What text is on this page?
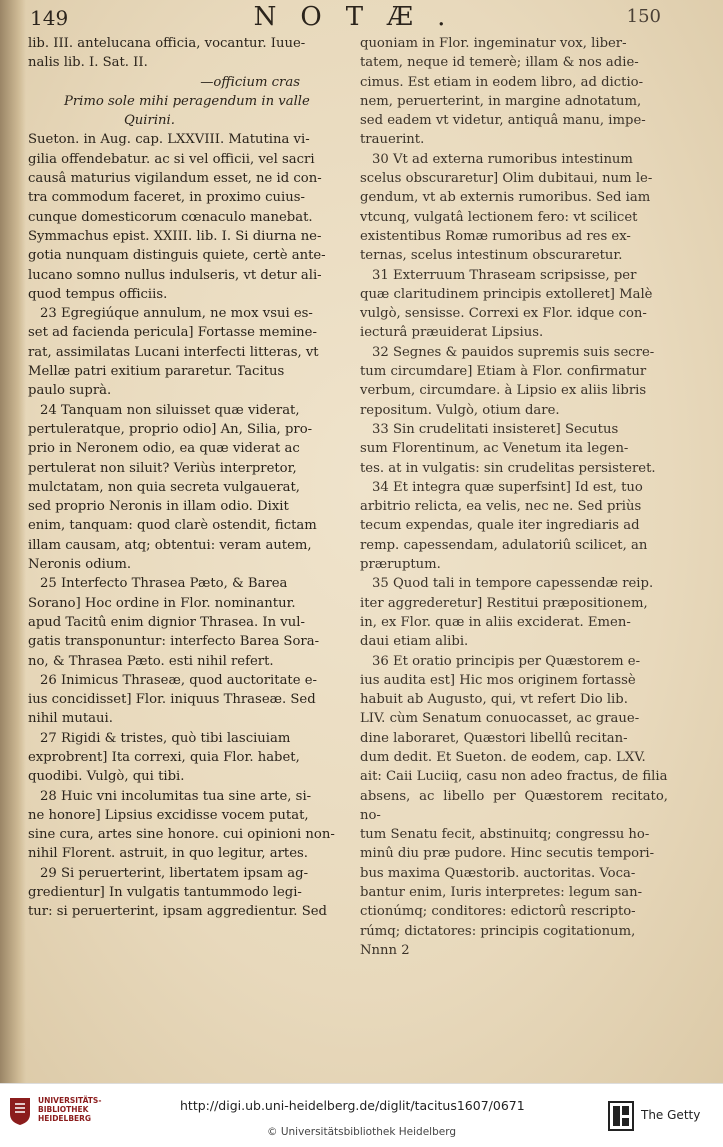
149	NOTÆ.	150

lib. III. antelucana officia, vocantur. Iuue-

nalis lib. I. Sat. II.

—officium cras

Primo sole mihi peragendum in valle

Quirini.

Sueton. in Aug. cap. LXXVIII. Matutina vi-

gilia offendebatur. ac si vel officii, vel sacri

causâ maturius vigilandum esset, ne id con-

tra commodum faceret, in proximo cuius-

cunque domesticorum cœnaculo manebat.

Symmachus epist. XXIII. lib. I. Si diurna ne-

gotia nunquam distinguis quiete, certè ante-

lucano somno nullus indulseris, vt detur ali-

quod tempus officiis.

23 Egregiúque annulum, ne mox vsui es-

set ad facienda pericula] Fortasse memine-

rat, assimilatas Lucani interfecti litteras, vt

Mellæ patri exitium pararetur. Tacitus

paulo suprà.

24 Tanquam non siluisset quæ viderat,

pertuleratque, proprio odio] An, Silia, pro-

prio in Neronem odio, ea quæ viderat ac

pertulerat non siluit? Veriùs interpretor,

mulctatam, non quia secreta vulgauerat,

sed proprio Neronis in illam odio. Dixit

enim, tanquam: quod clarè ostendit, fictam

illam causam, atq; obtentui: veram autem,

Neronis odium.

25 Interfecto Thrasea Pæto, & Barea

Sorano] Hoc ordine in Flor. nominantur.

apud Tacitû enim dignior Thrasea. In vul-

gatis transponuntur: interfecto Barea Sora-

no, & Thrasea Pæto. esti nihil refert.

26 Inimicus Thraseæ, quod auctoritate e-

ius concidisset] Flor. iniquus Thraseæ. Sed

nihil mutaui.

27 Rigidi & tristes, quò tibi lasciuiam

exprobrent] Ita correxi, quia Flor. habet,

quodibi. Vulgò, qui tibi.

28 Huic vni incolumitas tua sine arte, si-

ne honore] Lipsius excidisse vocem putat,

sine cura, artes sine honore. cui opinioni non-

nihil Florent. astruit, in quo legitur, artes.

29 Si peruerterint, libertatem ipsam ag-

gredientur] In vulgatis tantummodo legi-

tur: si peruerterint, ipsam aggredientur. Sed

quoniam in Flor. ingeminatur vox, liber-

tatem, neque id temerè; illam & nos adie-

cimus. Est etiam in eodem libro, ad dictio-

nem, peruerterint, in margine adnotatum,

sed eadem vt videtur, antiquâ manu, impe-

trauerint.

30 Vt ad externa rumoribus intestinum

scelus obscuraretur] Olim dubitaui, num le-

gendum, vt ab externis rumoribus. Sed iam

vtcunq, vulgatâ lectionem fero: vt scilicet

existentibus Romæ rumoribus ad res ex-

ternas, scelus intestinum obscuraretur.

31 Exterruum Thraseam scripsisse, per

quæ claritudinem principis extolleret] Malè

vulgò, sensisse. Correxi ex Flor. idque con-

iecturâ præuiderat Lipsius.

32 Segnes & pauidos supremis suis secre-

tum circumdare] Etiam à Flor. confirmatur

verbum, circumdare. à Lipsio ex aliis libris

repositum. Vulgò, otium dare.

33 Sin crudelitati insisteret] Secutus

sum Florentinum, ac Venetum ita legen-

tes. at in vulgatis: sin crudelitas persisteret.

34 Et integra quæ superfsint] Id est, tuo

arbitrio relicta, ea velis, nec ne. Sed priùs

tecum expendas, quale iter ingrediaris ad

remp. capessendam, adulatoriû scilicet, an

præruptum.

35 Quod tali in tempore capessendæ reip.

iter aggrederetur] Restitui præpositionem,

in, ex Flor. quæ in aliis exciderat. Emen-

daui etiam alibi.

36 Et oratio principis per Quæstorem e-

ius audita est] Hic mos originem fortassè

habuit ab Augusto, qui, vt refert Dio lib.

LIV. cùm Senatum conuocasset, ac graue-

dine laboraret, Quæstori libellû recitan-

dum dedit. Et Sueton. de eodem, cap. LXV.

ait: Caii Luciiq, casu non adeo fractus, de filia

absens, ac libello per Quæstorem recitato, no-

tum Senatu fecit, abstinuitq; congressu ho-

minû diu præ pudore. Hinc secutis tempori-

bus maxima Quæstorib. auctoritas. Voca-

bantur enim, Iuris interpretes: legum san-

ctionúmq; conditores: edictorû rescripto-

rúmq; dictatores: principis cogitationum,

Nnnn 2

UNIVERSITÄTS-
BIBLIOTHEK
HEIDELBERG
http://digi.ub.uni-heidelberg.de/diglit/tacitus1607/0671
© Universitätsbibliothek Heidelberg
The Getty
